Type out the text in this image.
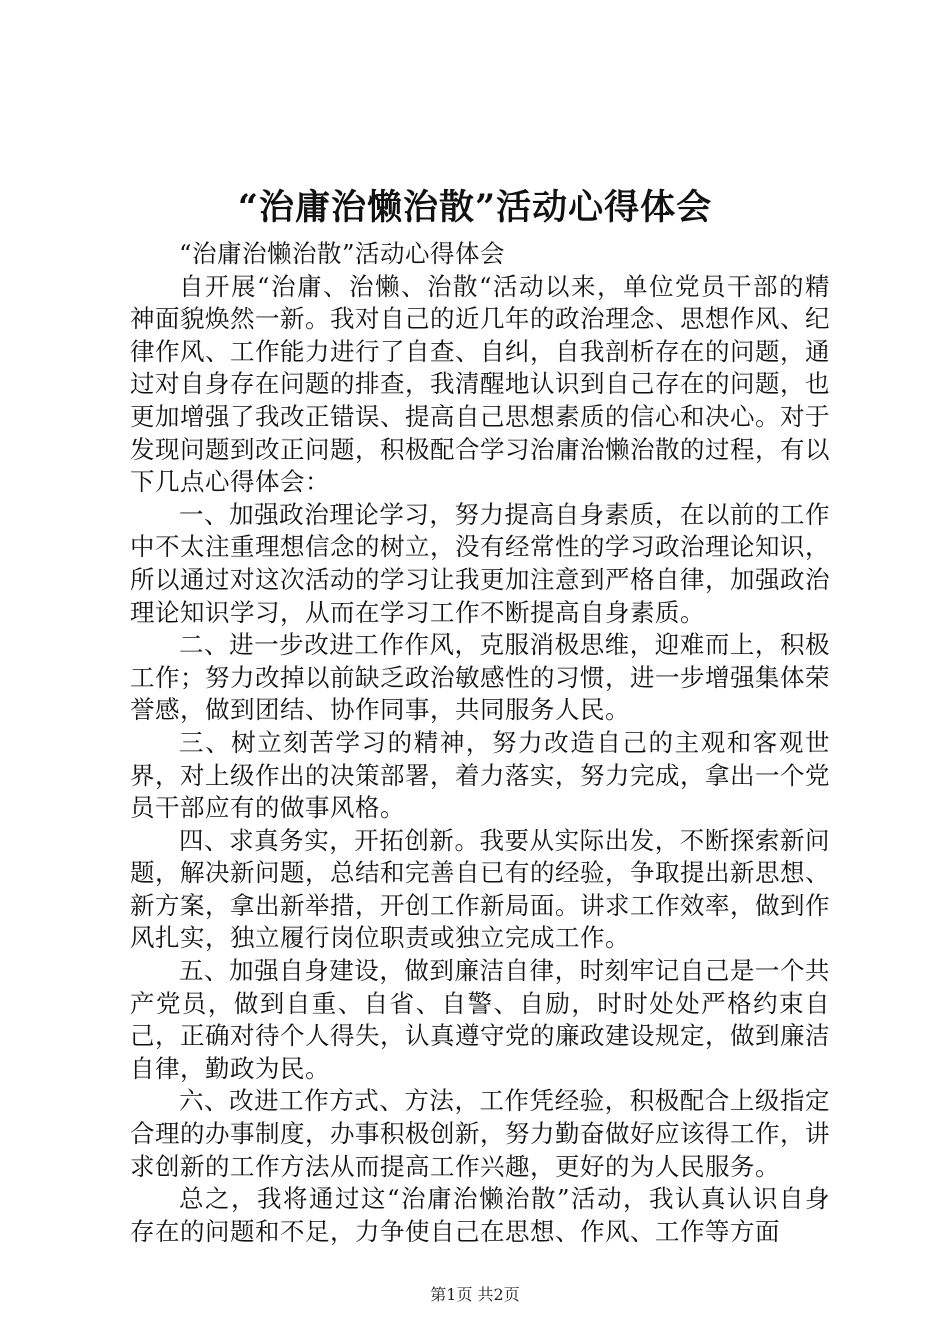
“治庸治懒治散”活动心得体会

“治庸治懒治散”活动心得体会

自开展“治庸、治懒、治散“活动以来，单位党员干部的精神面貌焕然一新。我对自己的近几年的政治理念、思想作风、纪律作风、工作能力进行了自查、自纠，自我剖析存在的问题，通过对自身存在问题的排查，我清醒地认识到自己存在的问题，也更加增强了我改正错误、提高自己思想素质的信心和决心。对于发现问题到改正问题，积极配合学习治庸治懒治散的过程，有以下几点心得体会：

一、加强政治理论学习，努力提高自身素质，在以前的工作中不太注重理想信念的树立，没有经常性的学习政治理论知识，所以通过对这次活动的学习让我更加注意到严格自律，加强政治理论知识学习，从而在学习工作不断提高自身素质。

二、进一步改进工作作风，克服消极思维，迎难而上，积极工作；努力改掉以前缺乏政治敏感性的习惯，进一步增强集体荣誉感，做到团结、协作同事，共同服务人民。

三、树立刻苦学习的精神，努力改造自己的主观和客观世界，对上级作出的决策部署，着力落实，努力完成，拿出一个党员干部应有的做事风格。

四、求真务实，开拓创新。我要从实际出发，不断探索新问题，解决新问题，总结和完善自已有的经验，争取提出新思想、新方案，拿出新举措，开创工作新局面。讲求工作效率，做到作风扎实，独立履行岗位职责或独立完成工作。

五、加强自身建设，做到廉洁自律，时刻牢记自己是一个共产党员，做到自重、自省、自警、自励，时时处处严格约束自己，正确对待个人得失，认真遵守党的廉政建设规定，做到廉洁自律，勤政为民。

六、改进工作方式、方法，工作凭经验，积极配合上级指定合理的办事制度，办事积极创新，努力勤奋做好应该得工作，讲求创新的工作方法从而提高工作兴趣，更好的为人民服务。

总之，我将通过这“治庸治懒治散”活动，我认真认识自身存在的问题和不足，力争使自己在思想、作风、工作等方面

第1页 共2页
